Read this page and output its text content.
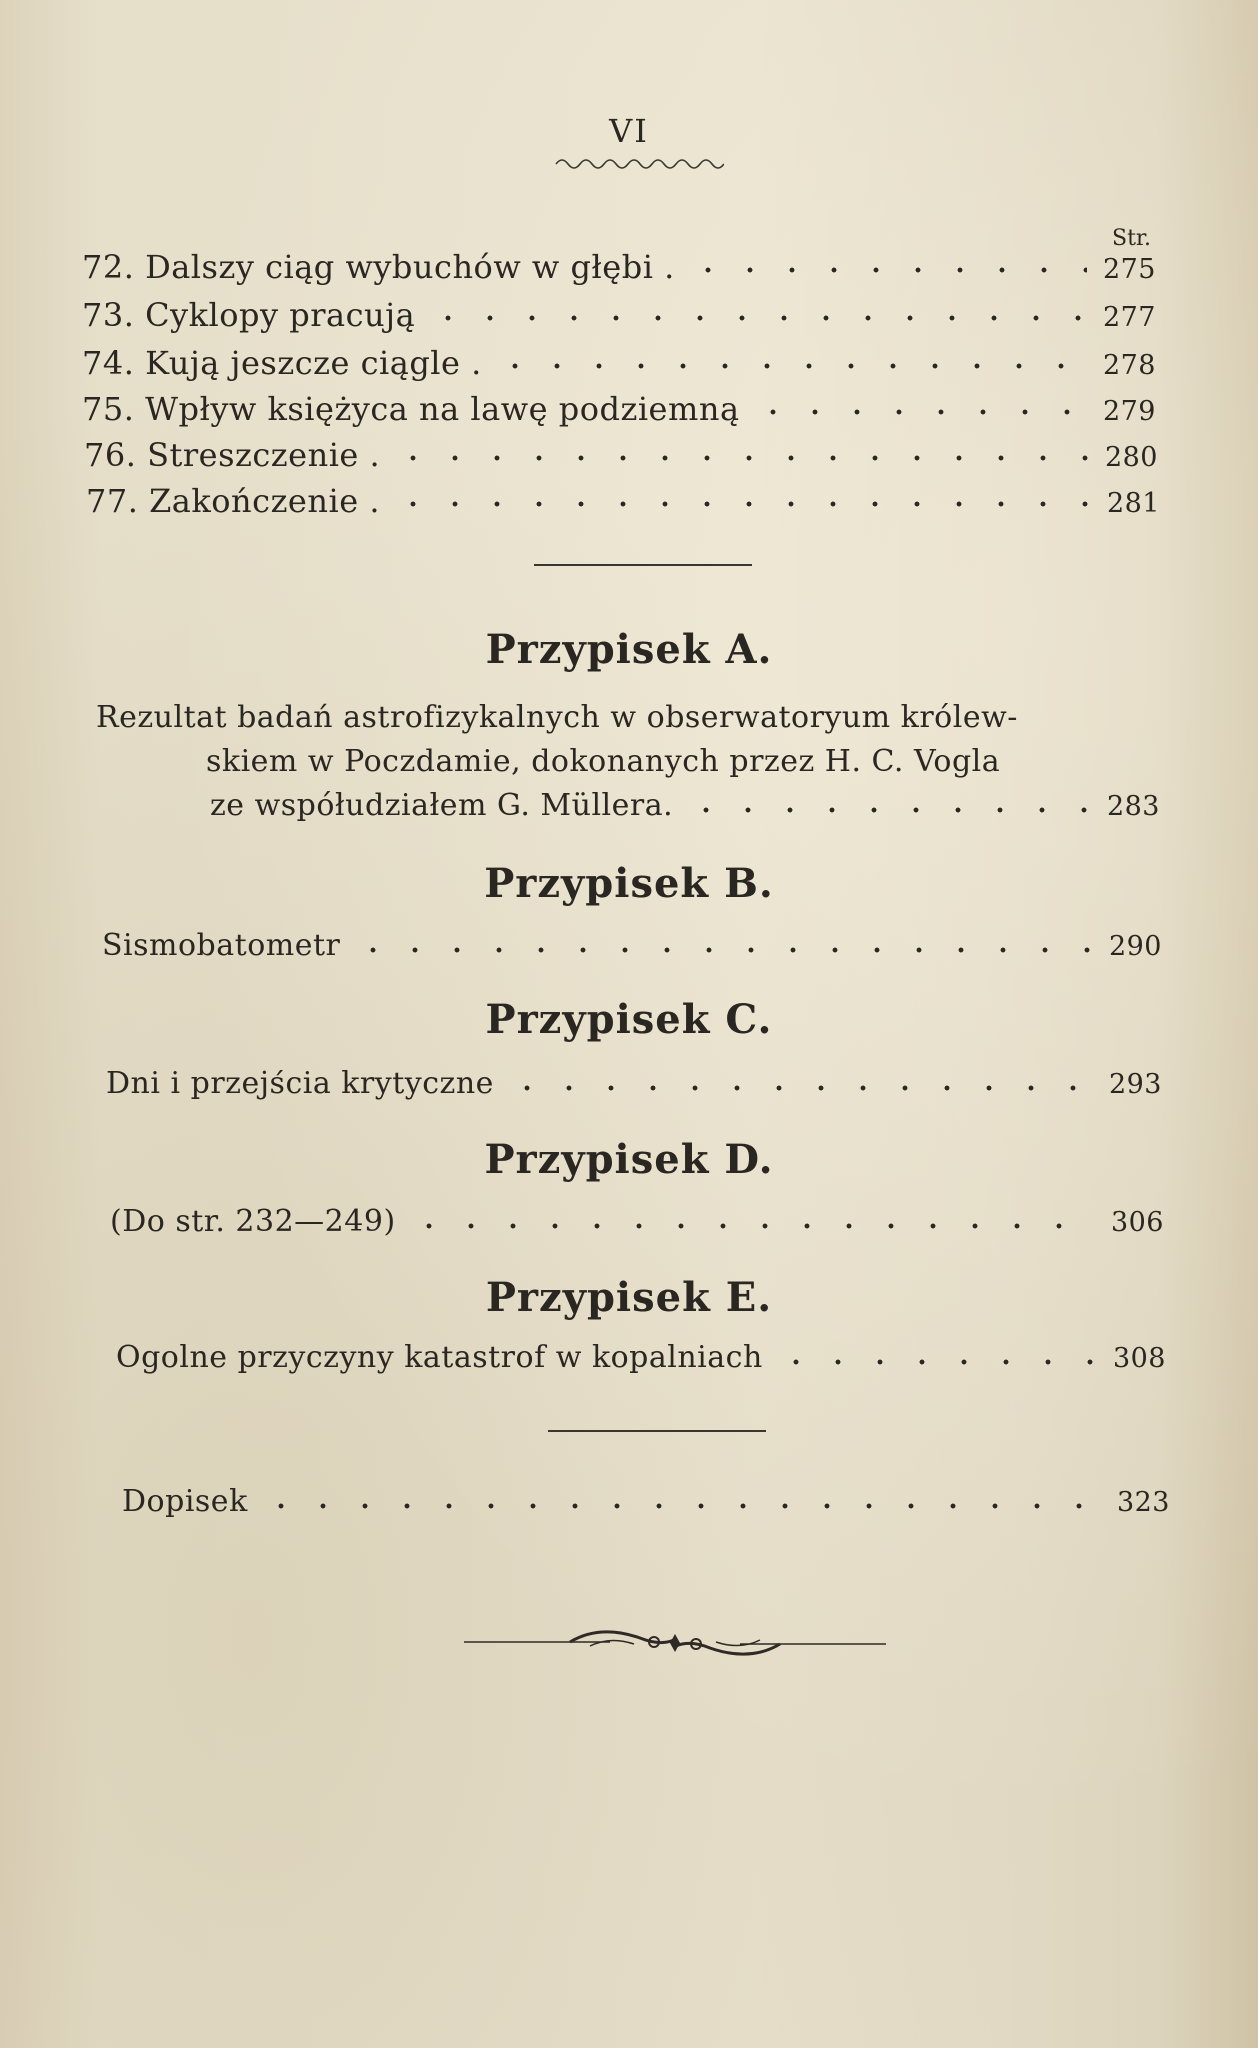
VI
Str.
72. Dalszy ciąg wybuchów w głębi .	275
73. Cyklopy pracują	277
74. Kują jeszcze ciągle .	278
75. Wpływ księżyca na lawę podziemną	279
76. Streszczenie .	280
77. Zakończenie .	281
Przypisek A.
Rezultat badań astrofizykalnych w obserwatoryum królew-
skiem w Poczdamie, dokonanych przez H. C. Vogla
ze współudziałem G. Müllera.	283
Przypisek B.
Sismobatometr	290
Przypisek C.
Dni i przejścia krytyczne	293
Przypisek D.
(Do str. 232—249)	306
Przypisek E.
Ogolne przyczyny katastrof w kopalniach	308
Dopisek	323
